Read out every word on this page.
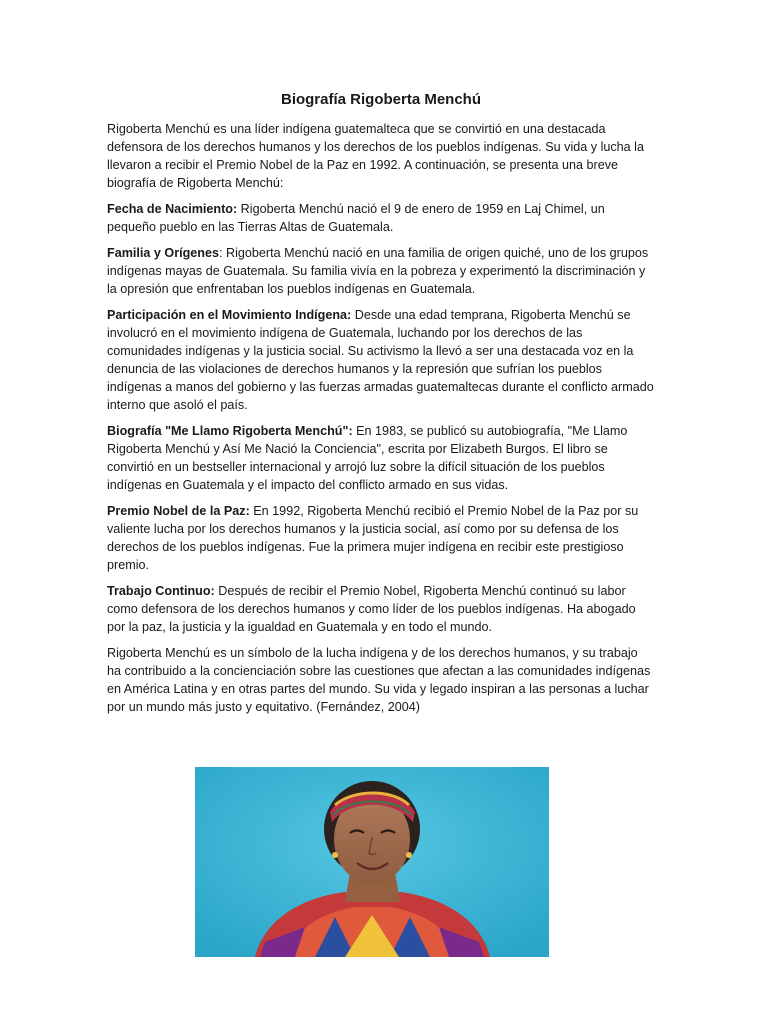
Biografía Rigoberta Menchú

Rigoberta Menchú es una líder indígena guatemalteca que se convirtió en una destacada defensora de los derechos humanos y los derechos de los pueblos indígenas. Su vida y lucha la llevaron a recibir el Premio Nobel de la Paz en 1992. A continuación, se presenta una breve biografía de Rigoberta Menchú:

Fecha de Nacimiento: Rigoberta Menchú nació el 9 de enero de 1959 en Laj Chimel, un pequeño pueblo en las Tierras Altas de Guatemala.

Familia y Orígenes: Rigoberta Menchú nació en una familia de origen quiché, uno de los grupos indígenas mayas de Guatemala. Su familia vivía en la pobreza y experimentó la discriminación y la opresión que enfrentaban los pueblos indígenas en Guatemala.

Participación en el Movimiento Indígena: Desde una edad temprana, Rigoberta Menchú se involucró en el movimiento indígena de Guatemala, luchando por los derechos de las comunidades indígenas y la justicia social. Su activismo la llevó a ser una destacada voz en la denuncia de las violaciones de derechos humanos y la represión que sufrían los pueblos indígenas a manos del gobierno y las fuerzas armadas guatemaltecas durante el conflicto armado interno que asoló el país.

Biografía "Me Llamo Rigoberta Menchú": En 1983, se publicó su autobiografía, "Me Llamo Rigoberta Menchú y Así Me Nació la Conciencia", escrita por Elizabeth Burgos. El libro se convirtió en un bestseller internacional y arrojó luz sobre la difícil situación de los pueblos indígenas en Guatemala y el impacto del conflicto armado en sus vidas.

Premio Nobel de la Paz: En 1992, Rigoberta Menchú recibió el Premio Nobel de la Paz por su valiente lucha por los derechos humanos y la justicia social, así como por su defensa de los derechos de los pueblos indígenas. Fue la primera mujer indígena en recibir este prestigioso premio.

Trabajo Continuo: Después de recibir el Premio Nobel, Rigoberta Menchú continuó su labor como defensora de los derechos humanos y como líder de los pueblos indígenas. Ha abogado por la paz, la justicia y la igualdad en Guatemala y en todo el mundo.

Rigoberta Menchú es un símbolo de la lucha indígena y de los derechos humanos, y su trabajo ha contribuido a la concienciación sobre las cuestiones que afectan a las comunidades indígenas en América Latina y en otras partes del mundo. Su vida y legado inspiran a las personas a luchar por un mundo más justo y equitativo. (Fernández, 2004)
